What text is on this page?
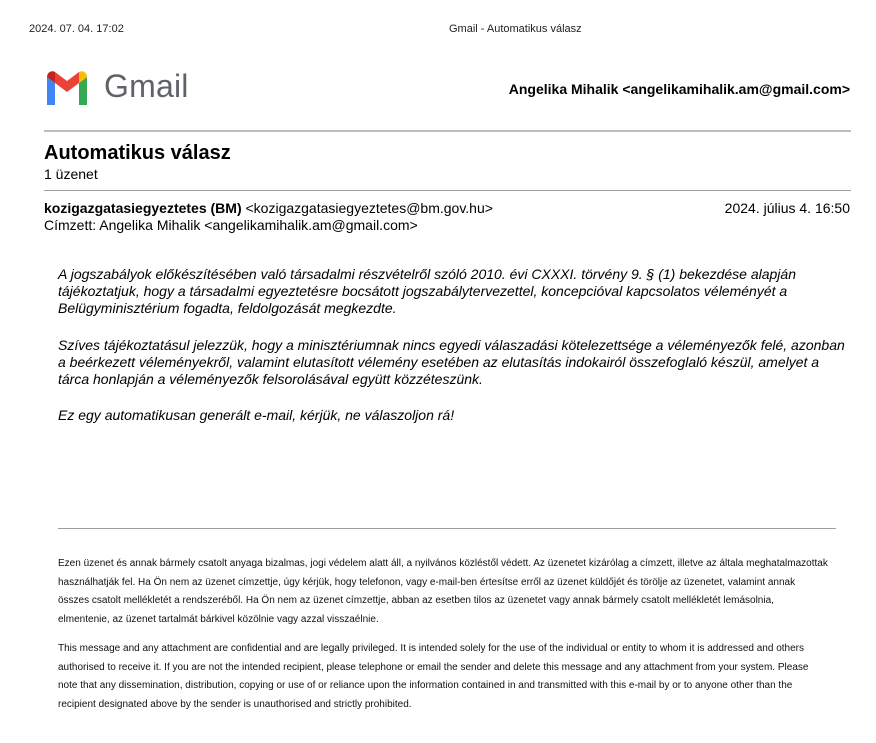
2024. 07. 04. 17:02	Gmail - Automatikus válasz
Gmail	Angelika Mihalik <angelikamihalik.am@gmail.com>
Automatikus válasz
1 üzenet
kozigazgatasiegyeztetes (BM) <kozigazgatasiegyeztetes@bm.gov.hu>	2024. július 4. 16:50
Címzett: Angelika Mihalik <angelikamihalik.am@gmail.com>

A jogszabályok előkészítésében való társadalmi részvételről szóló 2010. évi CXXXI. törvény 9. § (1) bekezdése alapján tájékoztatjuk, hogy a társadalmi egyeztetésre bocsátott jogszabálytervezettel, koncepcióval kapcsolatos véleményét a Belügyminisztérium fogadta, feldolgozását megkezdte.

Szíves tájékoztatásul jelezzük, hogy a minisztériumnak nincs egyedi válaszadási kötelezettsége a véleményezők felé, azonban a beérkezett véleményekről, valamint elutasított vélemény esetében az elutasítás indokairól összefoglaló készül, amelyet a tárca honlapján a véleményezők felsorolásával együtt közzéteszünk.

Ez egy automatikusan generált e-mail, kérjük, ne válaszoljon rá!

Ezen üzenet és annak bármely csatolt anyaga bizalmas, jogi védelem alatt áll, a nyilvános közléstől védett. Az üzenetet kizárólag a címzett, illetve az általa meghatalmazottak használhatják fel. Ha Ön nem az üzenet címzettje, úgy kérjük, hogy telefonon, vagy e-mail-ben értesítse erről az üzenet küldőjét és törölje az üzenetet, valamint annak összes csatolt mellékletét a rendszeréből. Ha Ön nem az üzenet címzettje, abban az esetben tilos az üzenetet vagy annak bármely csatolt mellékletét lemásolnia, elmentenie, az üzenet tartalmát bárkivel közölnie vagy azzal visszaélnie.
This message and any attachment are confidential and are legally privileged. It is intended solely for the use of the individual or entity to whom it is addressed and others authorised to receive it. If you are not the intended recipient, please telephone or email the sender and delete this message and any attachment from your system. Please note that any dissemination, distribution, copying or use of or reliance upon the information contained in and transmitted with this e-mail by or to anyone other than the recipient designated above by the sender is unauthorised and strictly prohibited.
